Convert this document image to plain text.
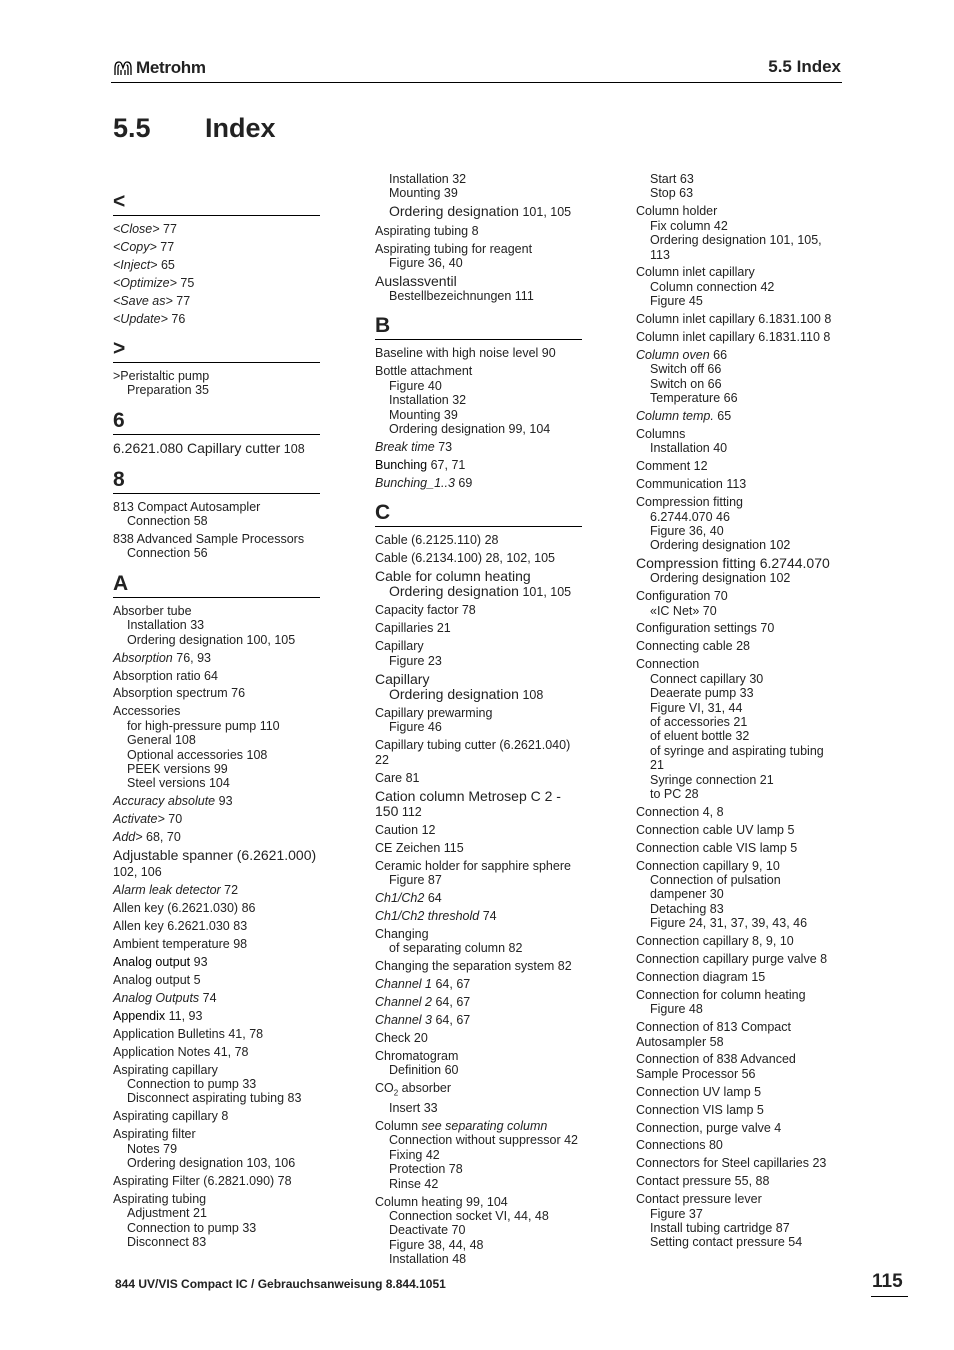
Metrohm	5.5 Index
5.5 Index
<
<Close> 77
<Copy> 77
<Inject> 65
<Optimize> 75
<Save as> 77
<Update> 76
>
>Peristaltic pump
Preparation 35
6
6.2621.080 Capillary cutter 108
8
813 Compact Autosampler
Connection 58
838 Advanced Sample Processors
Connection 56
A
Absorber tube
Installation 33
Ordering designation 100, 105
Absorption 76, 93
Absorption ratio 64
Absorption spectrum 76
Accessories
for high-pressure pump 110
General 108
Optional accessories 108
PEEK versions 99
Steel versions 104
Accuracy absolute 93
Activate> 70
Add> 68, 70
Adjustable spanner (6.2621.000) 102, 106
Alarm leak detector 72
Allen key (6.2621.030) 86
Allen key 6.2621.030 83
Ambient temperature 98
Analog output 93
Analog output 5
Analog Outputs 74
Appendix 11, 93
Application Bulletins 41, 78
Application Notes 41, 78
Aspirating capillary
Connection to pump 33
Disconnect aspirating tubing 83
Aspirating capillary 8
Aspirating filter
Notes 79
Ordering designation 103, 106
Aspirating Filter (6.2821.090) 78
Aspirating tubing
Adjustment 21
Connection to pump 33
Disconnect 83
Installation 32
Mounting 39
Ordering designation 101, 105
Aspirating tubing 8
Aspirating tubing for reagent
Figure 36, 40
Auslassventil
Bestellbezeichnungen 111
B
Baseline with high noise level 90
Bottle attachment
Figure 40
Installation 32
Mounting 39
Ordering designation 99, 104
Break time 73
Bunching 67, 71
Bunching_1..3 69
C
Cable (6.2125.110) 28
Cable (6.2134.100) 28, 102, 105
Cable for column heating
Ordering designation 101, 105
Capacity factor 78
Capillaries 21
Capillary
Figure 23
Capillary
Ordering designation 108
Capillary prewarming
Figure 46
Capillary tubing cutter (6.2621.040) 22
Care 81
Cation column Metrosep C 2 - 150 112
Caution 12
CE Zeichen 115
Ceramic holder for sapphire sphere
Figure 87
Ch1/Ch2 64
Ch1/Ch2 threshold 74
Changing
of separating column 82
Changing the separation system 82
Channel 1 64, 67
Channel 2 64, 67
Channel 3 64, 67
Check 20
Chromatogram
Definition 60
$CO_2$ absorber
Insert 33
Column see separating column
Connection without suppressor 42
Fixing 42
Protection 78
Rinse 42
Column heating 99, 104
Connection socket VI, 44, 48
Deactivate 70
Figure 38, 44, 48
Installation 48
Start 63
Stop 63
Column holder
Fix column 42
Ordering designation 101, 105, 113
Column inlet capillary
Column connection 42
Figure 45
Column inlet capillary 6.1831.100 8
Column inlet capillary 6.1831.110 8
Column oven 66
Switch off 66
Switch on 66
Temperature 66
Column temp. 65
Columns
Installation 40
Comment 12
Communication 113
Compression fitting
6.2744.070 46
Figure 36, 40
Ordering designation 102
Compression fitting 6.2744.070
Ordering designation 102
Configuration 70
«IC Net» 70
Configuration settings 70
Connecting cable 28
Connection
Connect capillary 30
Deaerate pump 33
Figure VI, 31, 44
of accessories 21
of eluent bottle 32
of syringe and aspirating tubing 21
Syringe connection 21
to PC 28
Connection 4, 8
Connection cable UV lamp 5
Connection cable VIS lamp 5
Connection capillary 9, 10
Connection of pulsation dampener 30
Detaching 83
Figure 24, 31, 37, 39, 43, 46
Connection capillary 8, 9, 10
Connection capillary purge valve 8
Connection diagram 15
Connection for column heating
Figure 48
Connection of 813 Compact Autosampler 58
Connection of 838 Advanced Sample Processor 56
Connection UV lamp 5
Connection VIS lamp 5
Connection, purge valve 4
Connections 80
Connectors for Steel capillaries 23
Contact pressure 55, 88
Contact pressure lever
Figure 37
Install tubing cartridge 87
Setting contact pressure 54
844 UV/VIS Compact IC / Gebrauchsanweisung 8.844.1051	115
